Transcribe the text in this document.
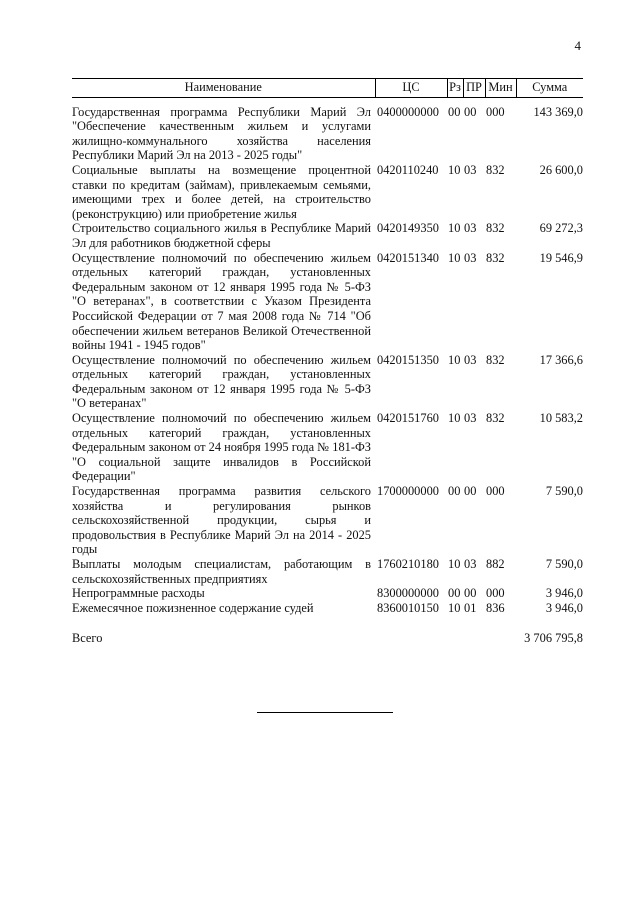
4
Наименование	ЦС	Рз	ПР	Мин	Сумма
Государственная программа Республики Марий Эл "Обеспечение качественным жильем и услугами жилищно-коммунального хозяйства населения Республики Марий Эл на 2013 - 2025 годы"	0400000000	00	00	000	143 369,0
Социальные выплаты на возмещение процентной ставки по кредитам (займам), привлекаемым семьями, имеющими трех и более детей, на строительство (реконструкцию) или приобретение жилья	0420110240	10	03	832	26 600,0
Строительство социального жилья в Республике Марий Эл для работников бюджетной сферы	0420149350	10	03	832	69 272,3
Осуществление полномочий по обеспечению жильем отдельных категорий граждан, установленных Федеральным законом от 12 января 1995 года № 5-ФЗ "О ветеранах", в соответствии с Указом Президента Российской Федерации от 7 мая 2008 года № 714 "Об обеспечении жильем ветеранов Великой Отечественной войны 1941 - 1945 годов"	0420151340	10	03	832	19 546,9
Осуществление полномочий по обеспечению жильем отдельных категорий граждан, установленных Федеральным законом от 12 января 1995 года № 5-ФЗ "О ветеранах"	0420151350	10	03	832	17 366,6
Осуществление полномочий по обеспечению жильем отдельных категорий граждан, установленных Федеральным законом от 24 ноября 1995 года № 181-ФЗ "О социальной защите инвалидов в Российской Федерации"	0420151760	10	03	832	10 583,2
Государственная программа развития сельского хозяйства и регулирования рынков сельскохозяйственной продукции, сырья и продовольствия в Республике Марий Эл на 2014 - 2025 годы	1700000000	00	00	000	7 590,0
Выплаты молодым специалистам, работающим в сельскохозяйственных предприятиях	1760210180	10	03	882	7 590,0
Непрограммные расходы	8300000000	00	00	000	3 946,0
Ежемесячное пожизненное содержание судей	8360010150	10	01	836	3 946,0
Всего					3 706 795,8
